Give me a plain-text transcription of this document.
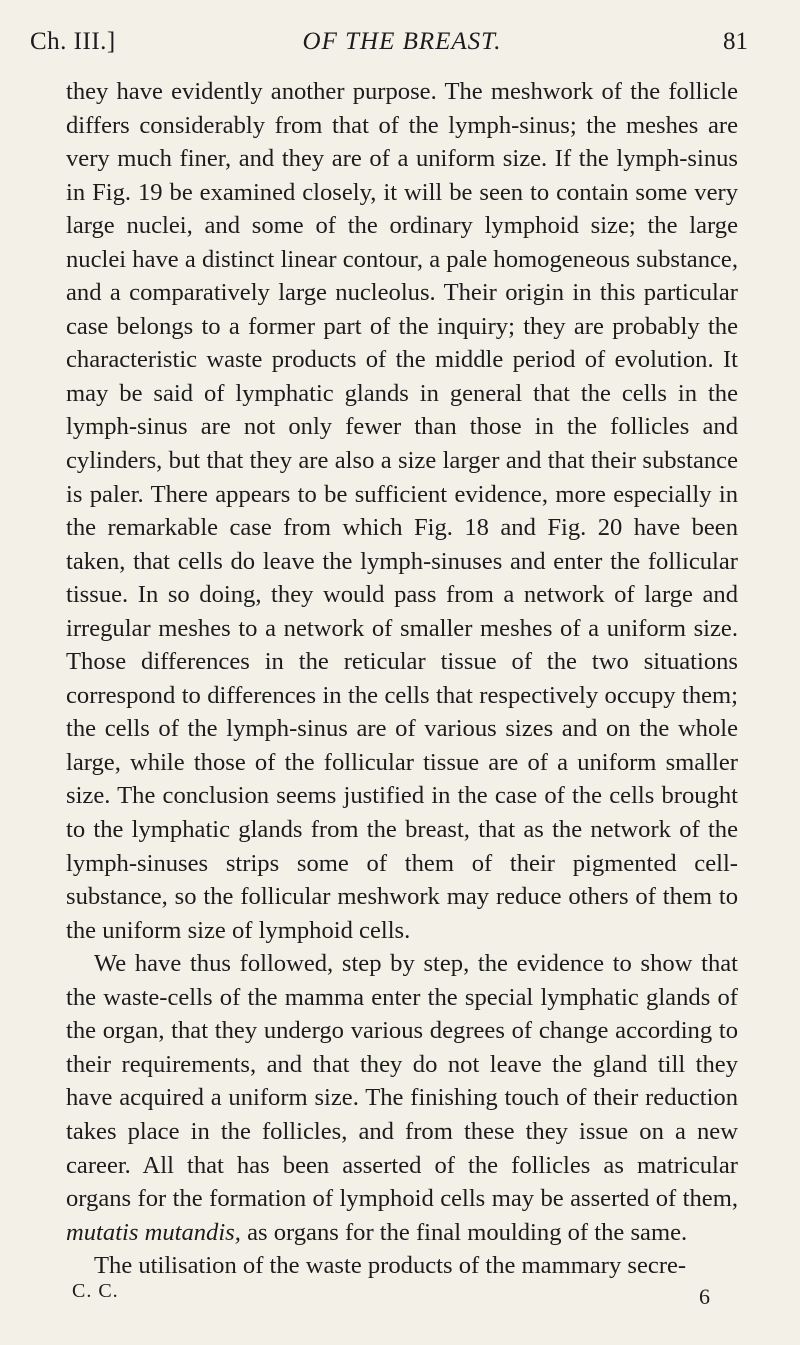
Ch. III.]	OF THE BREAST.	81

they have evidently another purpose. The meshwork of the follicle differs considerably from that of the lymph-sinus; the meshes are very much finer, and they are of a uniform size. If the lymph-sinus in Fig. 19 be examined closely, it will be seen to contain some very large nuclei, and some of the ordinary lymphoid size; the large nuclei have a distinct linear contour, a pale homogeneous substance, and a comparatively large nucleolus. Their origin in this particular case belongs to a former part of the inquiry; they are probably the characteristic waste products of the middle period of evolution. It may be said of lymphatic glands in general that the cells in the lymph-sinus are not only fewer than those in the follicles and cylinders, but that they are also a size larger and that their substance is paler. There appears to be sufficient evidence, more especially in the remarkable case from which Fig. 18 and Fig. 20 have been taken, that cells do leave the lymph-sinuses and enter the follicular tissue. In so doing, they would pass from a network of large and irregular meshes to a network of smaller meshes of a uniform size. Those differences in the reticular tissue of the two situations correspond to differences in the cells that respectively occupy them; the cells of the lymph-sinus are of various sizes and on the whole large, while those of the follicular tissue are of a uniform smaller size. The conclusion seems justified in the case of the cells brought to the lymphatic glands from the breast, that as the network of the lymph-sinuses strips some of them of their pigmented cell-substance, so the follicular meshwork may reduce others of them to the uniform size of lymphoid cells.

We have thus followed, step by step, the evidence to show that the waste-cells of the mamma enter the special lymphatic glands of the organ, that they undergo various degrees of change according to their requirements, and that they do not leave the gland till they have acquired a uniform size. The finishing touch of their reduction takes place in the follicles, and from these they issue on a new career. All that has been asserted of the follicles as matricular organs for the formation of lymphoid cells may be asserted of them, mutatis mutandis, as organs for the final moulding of the same.

The utilisation of the waste products of the mammary secre-

C. C.	6
